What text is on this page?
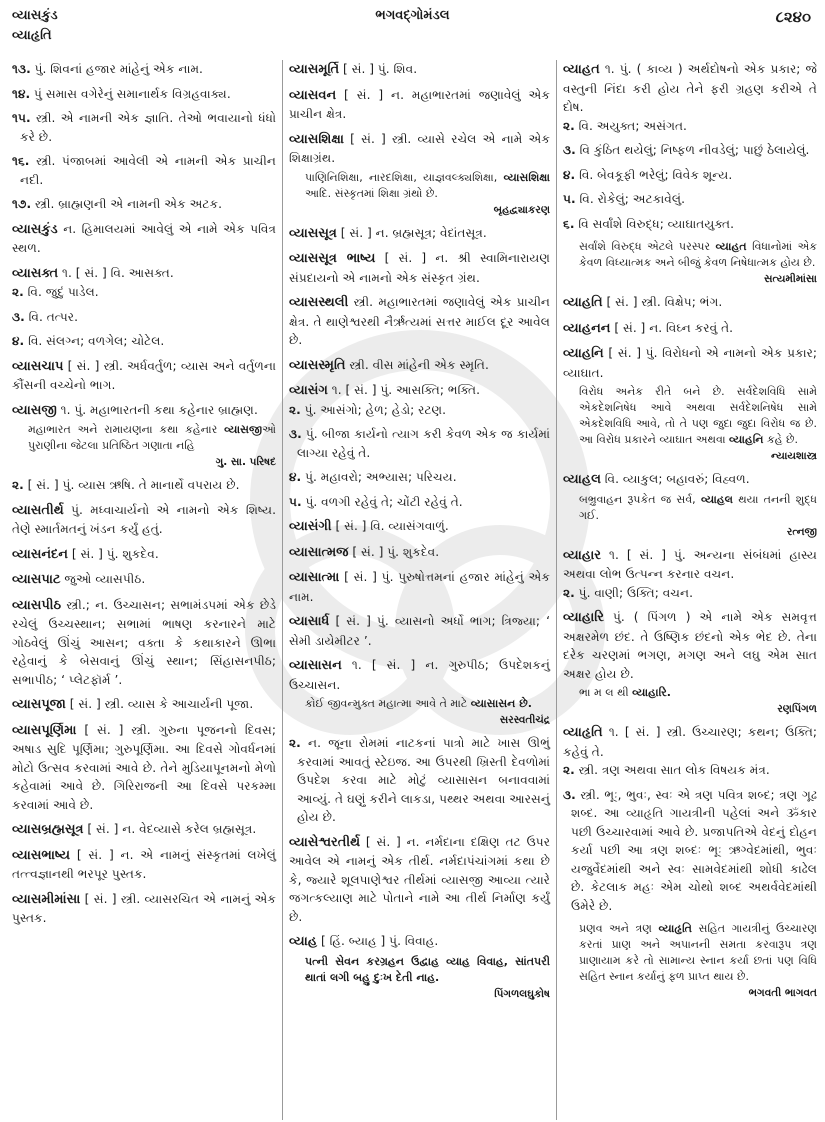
વ્યાસકુંડ
વ્યાહૃતિ
ભગવદ્ગોમંડલ	૮૨૪૦
૧૩. પું. શિવનાં હજાર માંહેનું એક નામ.
૧૪. પું સમાસ વગેરેનું સમાનાર્થક વિગ્રહવાક્ય.
૧૫. સ્ત્રી. એ નામની એક જ્ઞાતિ. તેઓ ભવાયાનો ધંધો કરે છે.
૧૬. સ્ત્રી. પંજાબમાં આવેલી એ નામની એક પ્રાચીન નદી.
૧૭. સ્ત્રી. બ્રાહ્મણની એ નામની એક અટક.
વ્યાસકુંડ ન. હિમાલયમાં આવેલું એ નામે એક પવિત્ર સ્થળ.
વ્યાસક્ત ૧. [ સં. ] વિ. આસક્ત.
૨. વિ. જુદું પાડેલ.
૩. વિ. તત્પર.
૪. વિ. સંલગ્ન; વળગેલ; ચોટેલ.
વ્યાસચાપ [ સં. ] સ્ત્રી. અર્ધવર્તુળ; વ્યાસ અને વર્તુળના કૌંસની વચ્ચેનો ભાગ.
વ્યાસજી ૧. પું. મહાભારતની કથા કહેનાર બ્રાહ્મણ.
મહાભારત અને રામાયણના કથા કહેનાર વ્યાસજીઓ પુરાણીના જેટલા પ્રતિષ્ઠિત ગણાતા નહિ
ગુ. સા. પરિષદ
૨. [ સં. ] પું. વ્યાસ ઋષિ. તે માનાર્થે વપરાય છે.
વ્યાસતીર્થ પું. મધ્વાચાર્યનો એ નામનો એક શિષ્ય. તેણે સ્માર્તમતનું ખંડન કર્યું હતું.
વ્યાસનંદન [ સં. ] પું. શુકદેવ.
વ્યાસપાટ જુઓ વ્યાસપીઠ.
વ્યાસપીઠ સ્ત્રી.; ન. ઉચ્ચાસન; સભામંડપમાં એક છેડે રચેલું ઉચ્ચસ્થાન; સભામાં ભાષણ કરનારને માટે ગોઠવેલું ઊંચું આસન; વક્તા કે કથાકારને ઊભા રહેવાનું કે બેસવાનું ઊંચું સ્થાન; સિંહાસનપીઠ; સભાપીઠ; ‘ પ્લેટફૉર્મ ’.
વ્યાસપૂજા [ સં. ] સ્ત્રી. વ્યાસ કે આચાર્યની પૂજા.
વ્યાસપૂર્ણિમા [ સં. ] સ્ત્રી. ગુરુના પૂજનનો દિવસ; અષાડ સુદિ પૂર્ણિમા; ગુરુપૂર્ણિમા. આ દિવસે ગોવર્ધનમાં મોટો ઉત્સવ કરવામાં આવે છે. તેને મુડિયાપૂનમનો મેળો કહેવામાં આવે છે. ગિરિરાજની આ દિવસે પરકમ્મા કરવામાં આવે છે.
વ્યાસબ્રહ્મસૂત્ર [ સં. ] ન. વેદવ્યાસે કરેલ બ્રહ્મસૂત્ર.
વ્યાસભાષ્ય [ સં. ] ન. એ નામનું સંસ્કૃતમાં લખેલું તત્ત્વજ્ઞાનથી ભરપૂર પુસ્તક.
વ્યાસમીમાંસા [ સં. ] સ્ત્રી. વ્યાસરચિત એ નામનું એક પુસ્તક.
વ્યાસમૂર્તિ [ સં. ] પું. શિવ.
વ્યાસવન [ સં. ] ન. મહાભારતમાં જણાવેલું એક પ્રાચીન ક્ષેત્ર.
વ્યાસશિક્ષા [ સં. ] સ્ત્રી. વ્યાસે રચેલ એ નામે એક શિક્ષાગ્રંથ.
પાણિનિશિક્ષા, નારદશિક્ષા, યાજ્ઞવલ્ક્યશિક્ષા, વ્યાસશિક્ષા આદિ. સંસ્કૃતમાં શિક્ષા ગ્રંથો છે.
બૃહદ્વ્યાકરણ
વ્યાસસૂત્ર [ સં. ] ન. બ્રહ્મસૂત્ર; વેદાંતસૂત્ર.
વ્યાસસૂત્ર ભાષ્ય [ સં. ] ન. શ્રી સ્વામિનારાયણ સંપ્રદાયનો એ નામનો એક સંસ્કૃત ગ્રંથ.
વ્યાસસ્થલી સ્ત્રી. મહાભારતમાં જણાવેલું એક પ્રાચીન ક્ષેત્ર. તે થાણેશ્વરથી નૈર્ઋત્યમાં સત્તર માઈલ દૂર આવેલ છે.
વ્યાસસ્મૃતિ સ્ત્રી. વીસ માંહેની એક સ્મૃતિ.
વ્યાસંગ ૧. [ સં. ] પું. આસક્તિ; ભક્તિ.
૨. પું. આસંગો; હેળ; હેડો; રટણ.
૩. પું. બીજા કાર્યનો ત્યાગ કરી કેવળ એક જ કાર્યમાં લાગ્યા રહેવું તે.
૪. પું. મહાવરો; અભ્યાસ; પરિચય.
૫. પું. વળગી રહેવું તે; ચોંટી રહેવું તે.
વ્યાસંગી [ સં. ] વિ. વ્યાસંગવાળું.
વ્યાસાત્મજ [ સં. ] પું. શુકદેવ.
વ્યાસાત્મા [ સં. ] પું. પુરુષોત્તમનાં હજાર માંહેનું એક નામ.
વ્યાસાર્ધ [ સં. ] પું. વ્યાસનો અર્ધો ભાગ; ત્રિજ્યા; ‘ સેમી ડાયેમીટર ’.
વ્યાસાસન ૧. [ સં. ] ન. ગુરુપીઠ; ઉપદેશકનું ઉચ્ચાસન.
કોઈ જીવન્મુક્ત મહાત્મા આવે તે માટે વ્યાસાસન છે.
સરસ્વતીચંદ્ર
૨. ન. જૂના રોમમાં નાટકનાં પાત્રો માટે ખાસ ઊભું કરવામાં આવતું સ્ટેઇજ. આ ઉપરથી ખ્રિસ્તી દેવળોમાં ઉપદેશ કરવા માટે મોટું વ્યાસાસન બનાવવામાં આવ્યું. તે ઘણું કરીને લાકડા, પથ્થર અથવા આરસનું હોય છે.
વ્યાસેશ્વરતીર્થ [ સં. ] ન. નર્મદાના દક્ષિણ તટ ઉપર આવેલ એ નામનું એક તીર્થ. નર્મદાપંચાંગમાં કથા છે કે, જ્યારે શૂલપાણેશ્વર તીર્થમાં વ્યાસજી આવ્યા ત્યારે જગત્કલ્યાણ માટે પોતાને નામે આ તીર્થ નિર્માણ કર્યું છે.
વ્યાહ [ હિં. બ્યાહ ] પું. વિવાહ.
પત્ની સેવન કરગ્રહન ઉદ્વાહ વ્યાહ વિવાહ, સાંતપરી થાતાં લગી બહુ દુઃખ દેતી નાહ.
પિંગળલઘુકોષ
વ્યાહત ૧. પું. ( કાવ્ય ) અર્થદોષનો એક પ્રકાર; જે વસ્તુની નિંદા કરી હોય તેને ફરી ગ્રહણ કરીએ તે દોષ.
૨. વિ. અયુક્ત; અસંગત.
૩. વિ કુંઠિત થયેલું; નિષ્ફળ નીવડેલું; પાછું ઠેલાયેલું.
૪. વિ. બેવકૂફી ભરેલું; વિવેક શૂન્ય.
૫. વિ. રોકેલું; અટકાવેલું.
૬. વિ સર્વાંશે વિરુદ્ધ; વ્યાઘાતયુક્ત.
સર્વાંશે વિરુદ્ધ એટલે પરસ્પર વ્યાહત વિધાનોમાં એક કેવળ વિધ્યાત્મક અને બીજું કેવળ નિષેધાત્મક હોય છે.
સત્યમીમાંસા
વ્યાહતિ [ સં. ] સ્ત્રી. વિક્ષેપ; ભંગ.
વ્યાહનન [ સં. ] ન. વિઘ્ન કરવું તે.
વ્યાહનિ [ સં. ] પું. વિરોધનો એ નામનો એક પ્રકાર; વ્યાઘાત.
વિરોધ અનેક રીતે બને છે. સર્વદેશવિધિ સામે એકદેશનિષેધ આવે અથવા સર્વદેશનિષેધ સામે એકદેશવિધિ આવે, તો તે પણ જુદા જુદા વિરોધ જ છે. આ વિરોધ પ્રકારને વ્યાઘાત અથવા વ્યાહનિ કહે છે.
ન્યાયશાસ્ત્ર
વ્યાહલ વિ. વ્યાકુલ; બહાવરું; વિહ્વળ.
બભ્રુવાહન રૂપકેત જ સર્વ, વ્યાહલ થયા તનની શુદ્ધ ગઈ.
રત્નજી
વ્યાહાર ૧. [ સં. ] પું. અન્યના સંબંધમાં હાસ્ય અથવા લોભ ઉત્પન્ન કરનાર વચન.
૨. પું. વાણી; ઉક્તિ; વચન.
વ્યાહારિ પું. ( પિંગળ ) એ નામે એક સમવૃત્ત અક્ષરમેળ છંદ. તે ઉષ્ણિક છંદનો એક ભેદ છે. તેના દરેક ચરણમાં ભગણ, મગણ અને લઘુ એમ સાત અક્ષર હોય છે.
ભા મ લ થી વ્યાહારિ.
રણપિંગળ
વ્યાહૃતિ ૧. [ સં. ] સ્ત્રી. ઉચ્ચારણ; કથન; ઉક્તિ; કહેવું તે.
૨. સ્ત્રી. ત્રણ અથવા સાત લોક વિષયક મંત્ર.
૩. સ્ત્રી. ભૂઃ, ભુવઃ, સ્વઃ એ ત્રણ પવિત્ર શબ્દ; ત્રણ ગૂઢ શબ્દ. આ વ્યાહૃતિ ગાયત્રીની પહેલાં અને ૐકાર પછી ઉચ્ચારવામાં આવે છે. પ્રજાપતિએ વેદનું દોહન કર્યા પછી આ ત્રણ શબ્દઃ ભૂઃ ઋગ્વેદમાંથી, ભુવઃ યજુર્વેદમાંથી અને સ્વઃ સામવેદમાંથી શોધી કાઢેલ છે. કેટલાક મહઃ એમ ચોથો શબ્દ અથર્વવેદમાંથી ઉમેરે છે.
પ્રણવ અને ત્રણ વ્યાહૃતિ સહિત ગાયત્રીનું ઉચ્ચારણ કરતાં પ્રાણ અને અપાનની સમતા કરવારૂપ ત્રણ પ્રાણાયામ કરે તો સામાન્ય સ્નાન કર્યા છતાં પણ વિધિ સહિત સ્નાન કર્યાનું ફળ પ્રાપ્ત થાય છે.
ભગવતી ભાગવત
